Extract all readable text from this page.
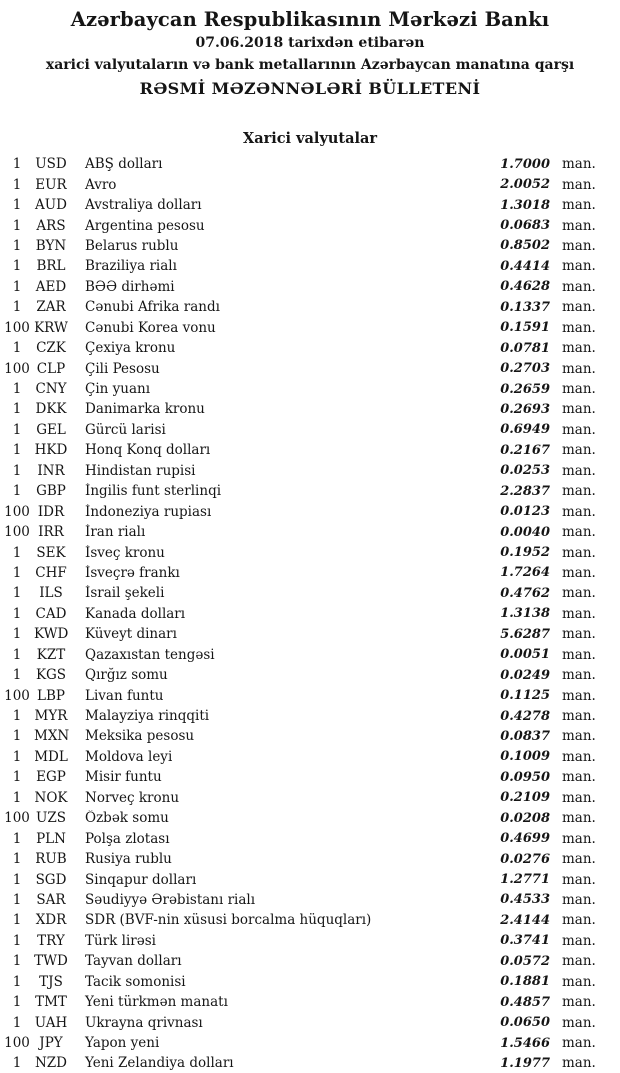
Azərbaycan Respublikasının Mərkəzi Bankı
07.06.2018 tarixdən etibarən
xarici valyutaların və bank metallarının Azərbaycan manatına qarşı
RƏSMİ MƏZƏNNƏLƏRİ BÜLLETENİ
Xarici valyutalar
1	USD	ABŞ dolları	1.7000 man.
1	EUR	Avro	2.0052 man.
1	AUD	Avstraliya dolları	1.3018 man.
1	ARS	Argentina pesosu	0.0683 man.
1	BYN	Belarus rublu	0.8502 man.
1	BRL	Braziliya rialı	0.4414 man.
1	AED	BƏƏ dirhəmi	0.4628 man.
1	ZAR	Cənubi Afrika randı	0.1337 man.
100 KRW	Cənubi Korea vonu	0.1591 man.
1	CZK	Çexiya kronu	0.0781 man.
100 CLP	Çili Pesosu	0.2703 man.
1	CNY	Çin yuanı	0.2659 man.
1	DKK	Danimarka kronu	0.2693 man.
1	GEL	Gürcü larisi	0.6949 man.
1 HKD	Honq Konq dolları	0.2167 man.
1	INR	Hindistan rupisi	0.0253 man.
1	GBP	İngilis funt sterlinqi	2.2837 man.
100 IDR	İndoneziya rupiası	0.0123 man.
100 IRR	İran rialı	0.0040 man.
1	SEK	İsveç kronu	0.1952 man.
1	CHF	İsveçrə frankı	1.7264 man.
1	ILS	İsrail şekeli	0.4762 man.
1	CAD	Kanada dolları	1.3138 man.
1 KWD	Küveyt dinarı	5.6287 man.
1	KZT	Qazaxıstan tengəsi	0.0051 man.
1	KGS	Qırğız somu	0.0249 man.
100 LBP	Livan funtu	0.1125 man.
1 MYR	Malayziya rinqqiti	0.4278 man.
1 MXN	Meksika pesosu	0.0837 man.
1 MDL	Moldova leyi	0.1009 man.
1	EGP	Misir funtu	0.0950 man.
1 NOK	Norveç kronu	0.2109 man.
100 UZS	Özbək somu	0.0208 man.
1	PLN	Polşa zlotası	0.4699 man.
1	RUB	Rusiya rublu	0.0276 man.
1	SGD	Sinqapur dolları	1.2771 man.
1	SAR	Səudiyyə Ərəbistanı rialı	0.4533 man.
1	XDR	SDR (BVF-nin xüsusi borcalma hüquqları)	2.4144 man.
1	TRY	Türk lirəsi	0.3741 man.
1 TWD	Tayvan dolları	0.0572 man.
1	TJS	Tacik somonisi	0.1881 man.
1	TMT	Yeni türkmən manatı	0.4857 man.
1 UAH	Ukrayna qrivnası	0.0650 man.
100 JPY	Yapon yeni	1.5466 man.
1	NZD	Yeni Zelandiya dolları	1.1977 man.
